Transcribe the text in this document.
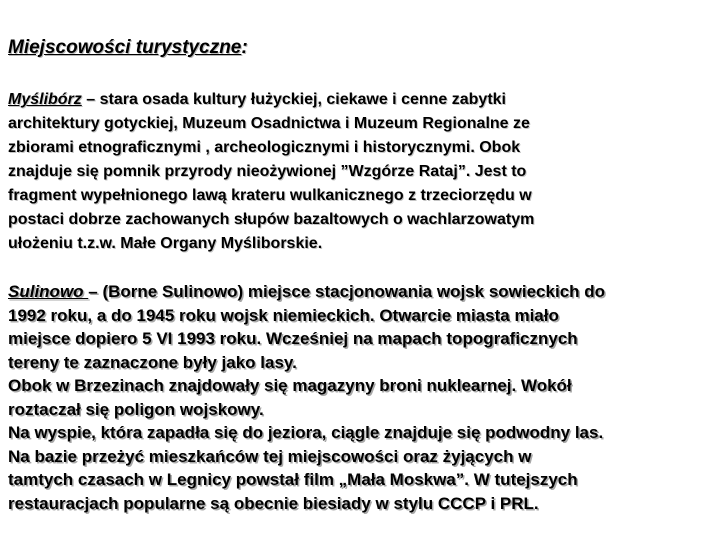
Miejscowości turystyczne:
Myślibórz – stara osada kultury łużyckiej, ciekawe i cenne zabytki
architektury gotyckiej, Muzeum Osadnictwa i Muzeum Regionalne ze
zbiorami etnograficznymi , archeologicznymi i historycznymi. Obok
znajduje się pomnik przyrody nieożywionej ”Wzgórze Rataj”. Jest to
fragment wypełnionego lawą krateru wulkanicznego z trzeciorzędu w
postaci dobrze zachowanych słupów bazaltowych o wachlarzowatym
ułożeniu t.z.w. Małe Organy Myśliborskie.
Sulinowo – (Borne Sulinowo) miejsce stacjonowania wojsk sowieckich do
1992 roku, a do 1945 roku wojsk niemieckich. Otwarcie miasta miało
miejsce dopiero 5 VI 1993 roku. Wcześniej na mapach topograficznych
tereny te zaznaczone były jako lasy.
Obok w Brzezinach znajdowały się magazyny broni nuklearnej. Wokół
roztaczał się poligon wojskowy.
Na wyspie, która zapadła się do jeziora, ciągle znajduje się podwodny las.
Na bazie przeżyć mieszkańców tej miejscowości oraz żyjących w
tamtych czasach w Legnicy powstał film „Mała Moskwa”. W tutejszych
restauracjach popularne są obecnie biesiady w stylu CCCP i PRL.
